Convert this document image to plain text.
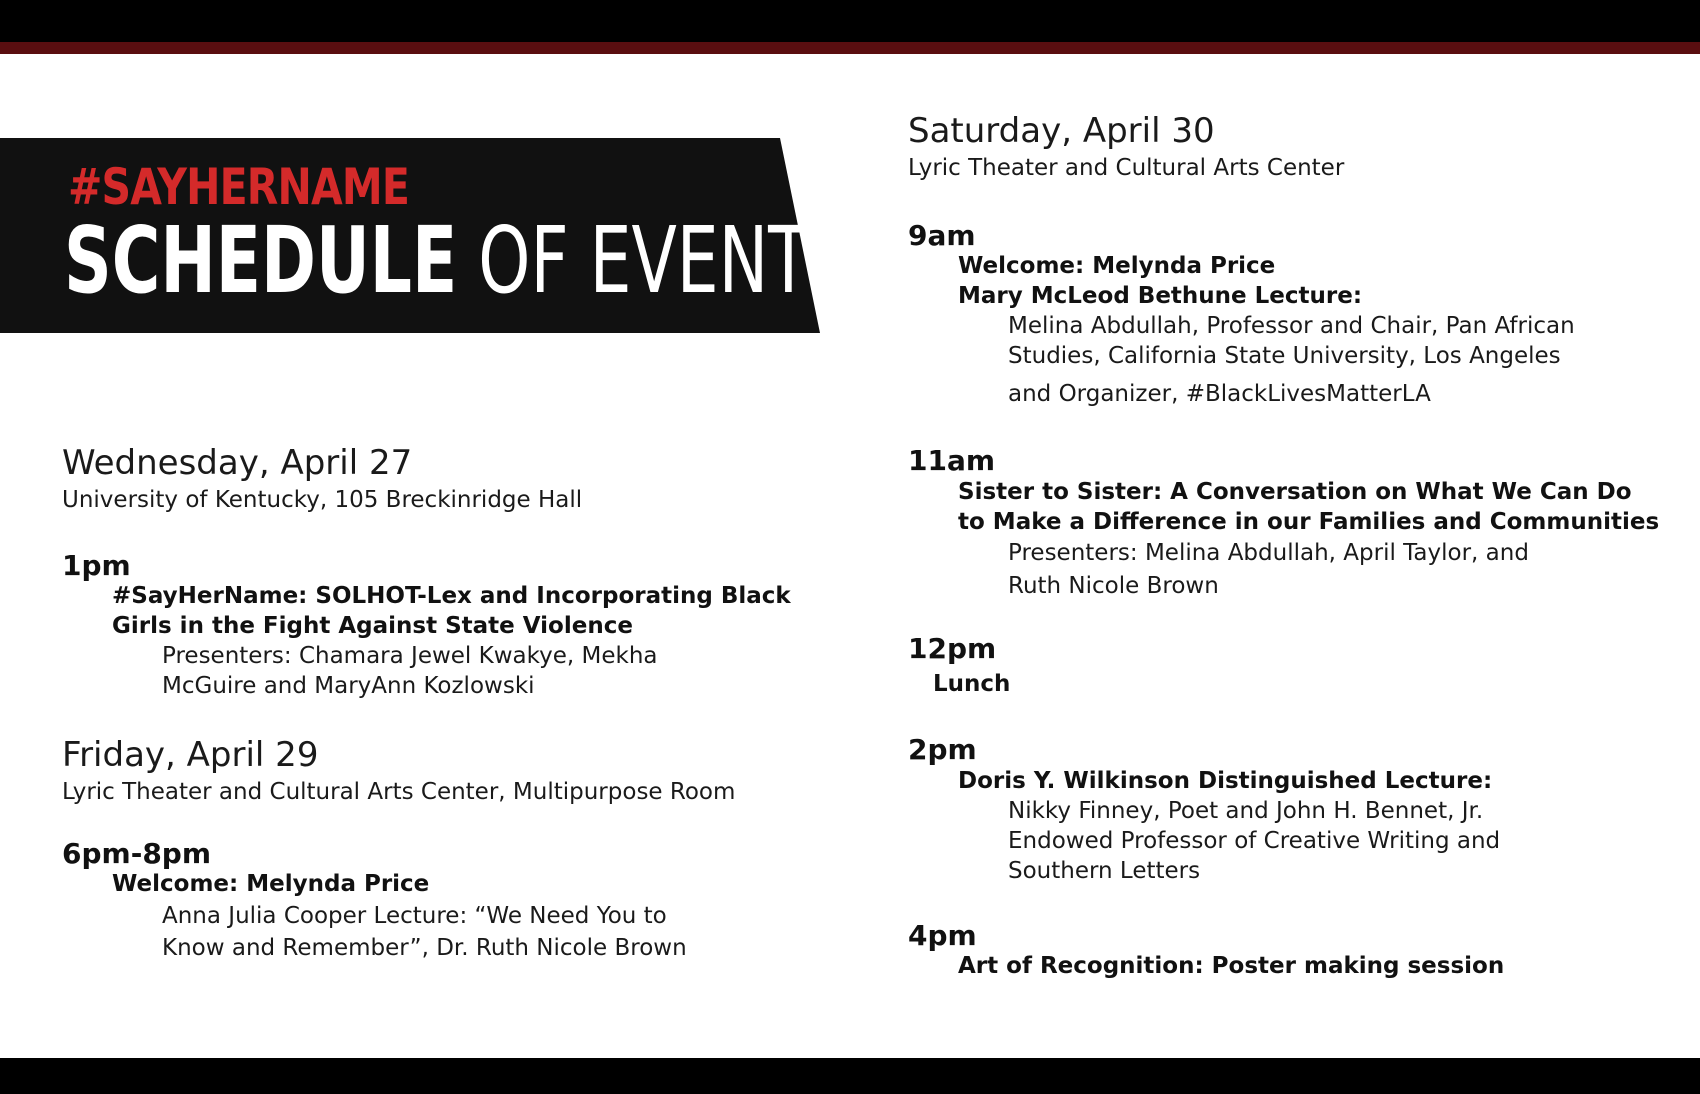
#SAYHERNAME
SCHEDULE OF EVENTS

Wednesday, April 27

University of Kentucky, 105 Breckinridge Hall

1pm

#SayHerName: SOLHOT-Lex and Incorporating Black

Girls in the Fight Against State Violence

Presenters: Chamara Jewel Kwakye, Mekha

McGuire and MaryAnn Kozlowski

Friday, April 29

Lyric Theater and Cultural Arts Center, Multipurpose Room

6pm-8pm

Welcome: Melynda Price

Anna Julia Cooper Lecture: “We Need You to

Know and Remember”, Dr. Ruth Nicole Brown

Saturday, April 30

Lyric Theater and Cultural Arts Center

9am

Welcome: Melynda Price

Mary McLeod Bethune Lecture:

Melina Abdullah, Professor and Chair, Pan African

Studies, California State University, Los Angeles

and Organizer, #BlackLivesMatterLA

11am

Sister to Sister: A Conversation on What We Can Do

to Make a Difference in our Families and Communities

Presenters: Melina Abdullah, April Taylor, and

Ruth Nicole Brown

12pm

Lunch

2pm

Doris Y. Wilkinson Distinguished Lecture:

Nikky Finney, Poet and John H. Bennet, Jr.

Endowed Professor of Creative Writing and

Southern Letters

4pm

Art of Recognition: Poster making session
